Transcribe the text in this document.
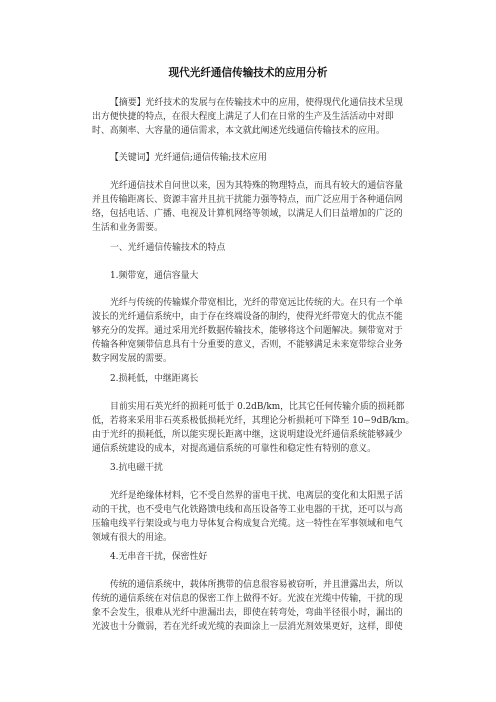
现代光纤通信传输技术的应用分析
【摘要】光纤技术的发展与在传输技术中的应用，使得现代化通信技术呈现
出方便快捷的特点，在很大程度上满足了人们在日常的生产及生活活动中对即
时、高频率、大容量的通信需求，本文就此阐述光线通信传输技术的应用。
【关键词】光纤通信;通信传输;技术应用
光纤通信技术自问世以来，因为其特殊的物理特点，而具有较大的通信容量
并且传输距离长、资源丰富并且抗干扰能力强等特点，而广泛应用于各种通信网
络，包括电话、广播、电视及计算机网络等领域，以满足人们日益增加的广泛的
生活和业务需要。
一、光纤通信传输技术的特点
1.频带宽，通信容量大
光纤与传统的传输媒介带宽相比，光纤的带宽远比传统的大。在只有一个单
波长的光纤通信系统中，由于存在终端设备的制约，使得光纤带宽大的优点不能
够充分的发挥。通过采用光纤数据传输技术，能够将这个问题解决。频带宽对于
传输各种宽频带信息具有十分重要的意义，否则，不能够满足未来宽带综合业务
数字网发展的需要。
2.损耗低，中继距离长
目前实用石英光纤的损耗可低于 0.2dB/km，比其它任何传输介质的损耗都
低，若将来采用非石英系极低损耗光纤，其理论分析损耗可下降至 10−9dB/km。
由于光纤的损耗低，所以能实现长距离中继，这说明建设光纤通信系统能够减少
通信系统建设的成本，对提高通信系统的可靠性和稳定性有特别的意义。
3.抗电磁干扰
光纤是绝缘体材料，它不受自然界的雷电干扰、电离层的变化和太阳黑子活
动的干扰，也不受电气化铁路馈电线和高压设备等工业电器的干扰，还可以与高
压输电线平行架设或与电力导体复合构成复合光缆。这一特性在军事领域和电气
领域有很大的用途。
4.无串音干扰，保密性好
传统的通信系统中，载体所携带的信息很容易被窃听，并且泄露出去，所以
传统的通信系统在对信息的保密工作上做得不好。光波在光缆中传输，干扰的现
象不会发生，很难从光纤中泄漏出去，即使在转弯处，弯曲半径很小时，漏出的
光波也十分微弱，若在光纤或光缆的表面涂上一层消光剂效果更好，这样，即使
